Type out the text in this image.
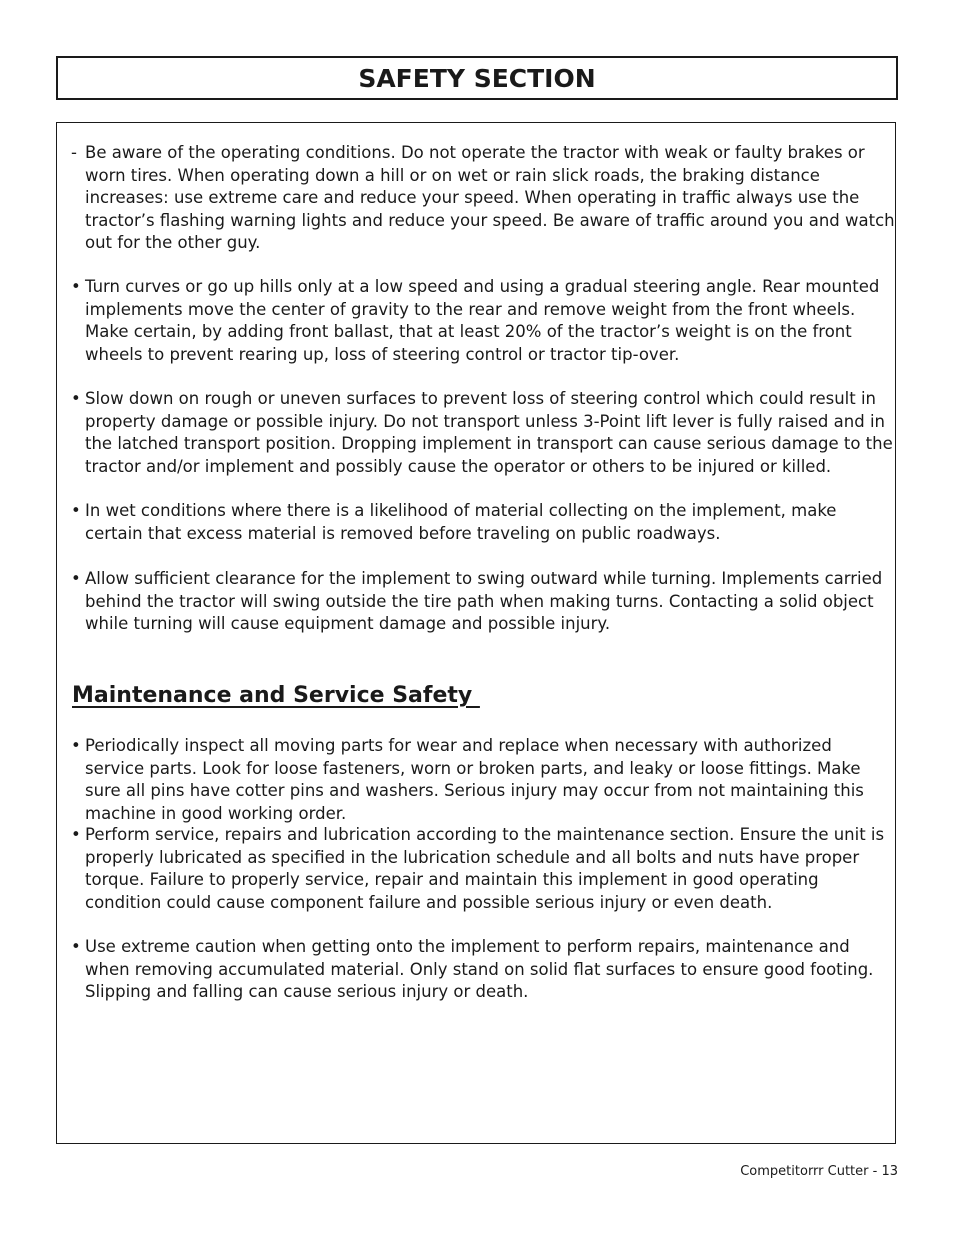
SAFETY SECTION

- Be aware of the operating conditions. Do not operate the tractor with weak or faulty brakes or worn tires. When operating down a hill or on wet or rain slick roads, the braking distance increases: use extreme care and reduce your speed. When operating in traffic always use the tractor’s flashing warning lights and reduce your speed. Be aware of traffic around you and watch out for the other guy.

• Turn curves or go up hills only at a low speed and using a gradual steering angle. Rear mounted implements move the center of gravity to the rear and remove weight from the front wheels. Make certain, by adding front ballast, that at least 20% of the tractor’s weight is on the front wheels to prevent rearing up, loss of steering control or tractor tip-over.

• Slow down on rough or uneven surfaces to prevent loss of steering control which could result in property damage or possible injury. Do not transport unless 3-Point lift lever is fully raised and in the latched transport position. Dropping implement in transport can cause serious damage to the tractor and/or implement and possibly cause the operator or others to be injured or killed.

• In wet conditions where there is a likelihood of material collecting on the implement, make certain that excess material is removed before traveling on public roadways.

• Allow sufficient clearance for the implement to swing outward while turning. Implements carried behind the tractor will swing outside the tire path when making turns. Contacting a solid object while turning will cause equipment damage and possible injury.

Maintenance and Service Safety

• Periodically inspect all moving parts for wear and replace when necessary with authorized service parts. Look for loose fasteners, worn or broken parts, and leaky or loose fittings. Make sure all pins have cotter pins and washers. Serious injury may occur from not maintaining this machine in good working order.

• Perform service, repairs and lubrication according to the maintenance section. Ensure the unit is properly lubricated as specified in the lubrication schedule and all bolts and nuts have proper torque. Failure to properly service, repair and maintain this implement in good operating condition could cause component failure and possible serious injury or even death.

• Use extreme caution when getting onto the implement to perform repairs, maintenance and when removing accumulated material. Only stand on solid flat surfaces to ensure good footing. Slipping and falling can cause serious injury or death.

Competitorrr Cutter - 13
